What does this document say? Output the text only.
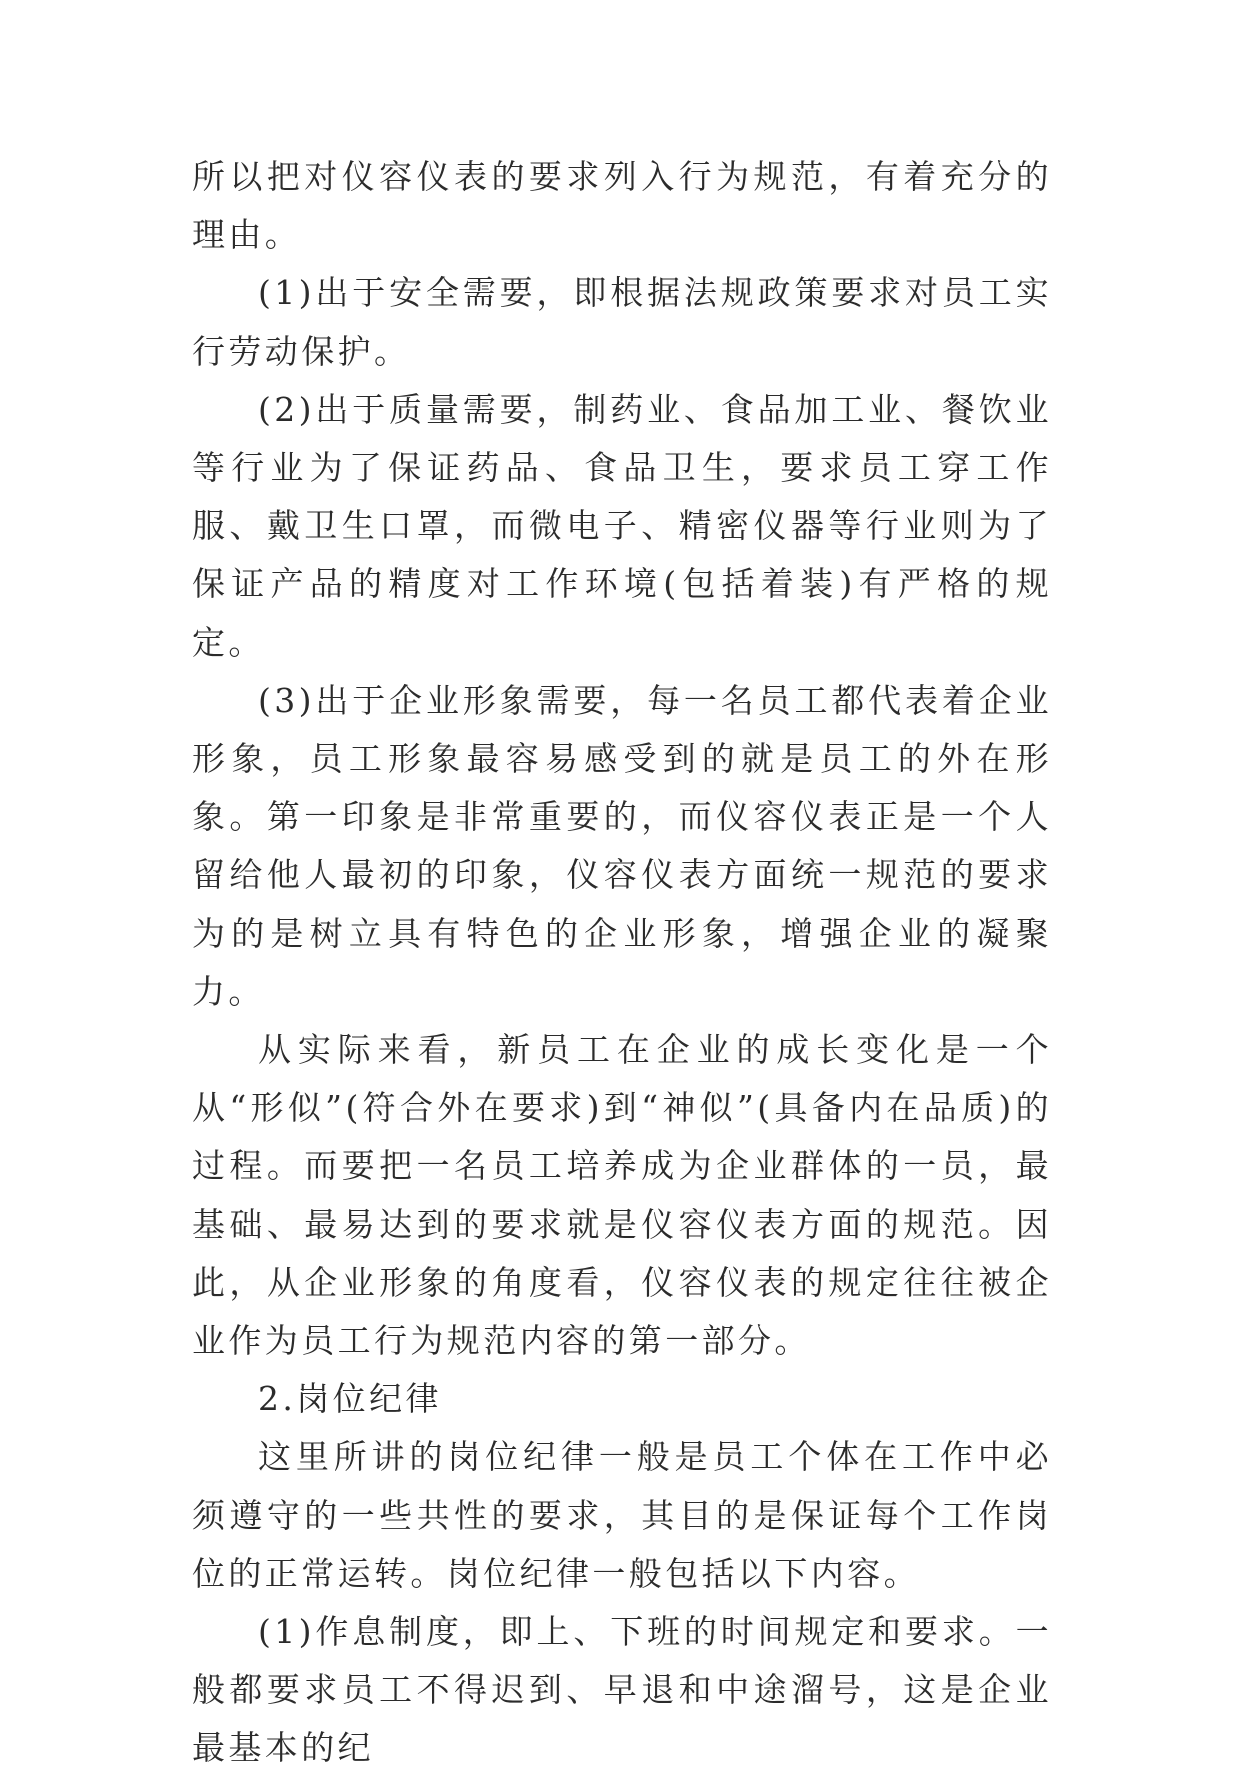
所以把对仪容仪表的要求列入行为规范，有着充分的理由。

(1)出于安全需要，即根据法规政策要求对员工实行劳动保护。

(2)出于质量需要，制药业、食品加工业、餐饮业等行业为了保证药品、食品卫生，要求员工穿工作服、戴卫生口罩，而微电子、精密仪器等行业则为了保证产品的精度对工作环境(包括着装)有严格的规定。

(3)出于企业形象需要，每一名员工都代表着企业形象，员工形象最容易感受到的就是员工的外在形象。第一印象是非常重要的，而仪容仪表正是一个人留给他人最初的印象，仪容仪表方面统一规范的要求为的是树立具有特色的企业形象，增强企业的凝聚力。

从实际来看，新员工在企业的成长变化是一个从“形似”(符合外在要求)到“神似”(具备内在品质)的过程。而要把一名员工培养成为企业群体的一员，最基础、最易达到的要求就是仪容仪表方面的规范。因此，从企业形象的角度看，仪容仪表的规定往往被企业作为员工行为规范内容的第一部分。

2.岗位纪律

这里所讲的岗位纪律一般是员工个体在工作中必须遵守的一些共性的要求，其目的是保证每个工作岗位的正常运转。岗位纪律一般包括以下内容。

(1)作息制度，即上、下班的时间规定和要求。一般都要求员工不得迟到、早退和中途溜号，这是企业最基本的纪
